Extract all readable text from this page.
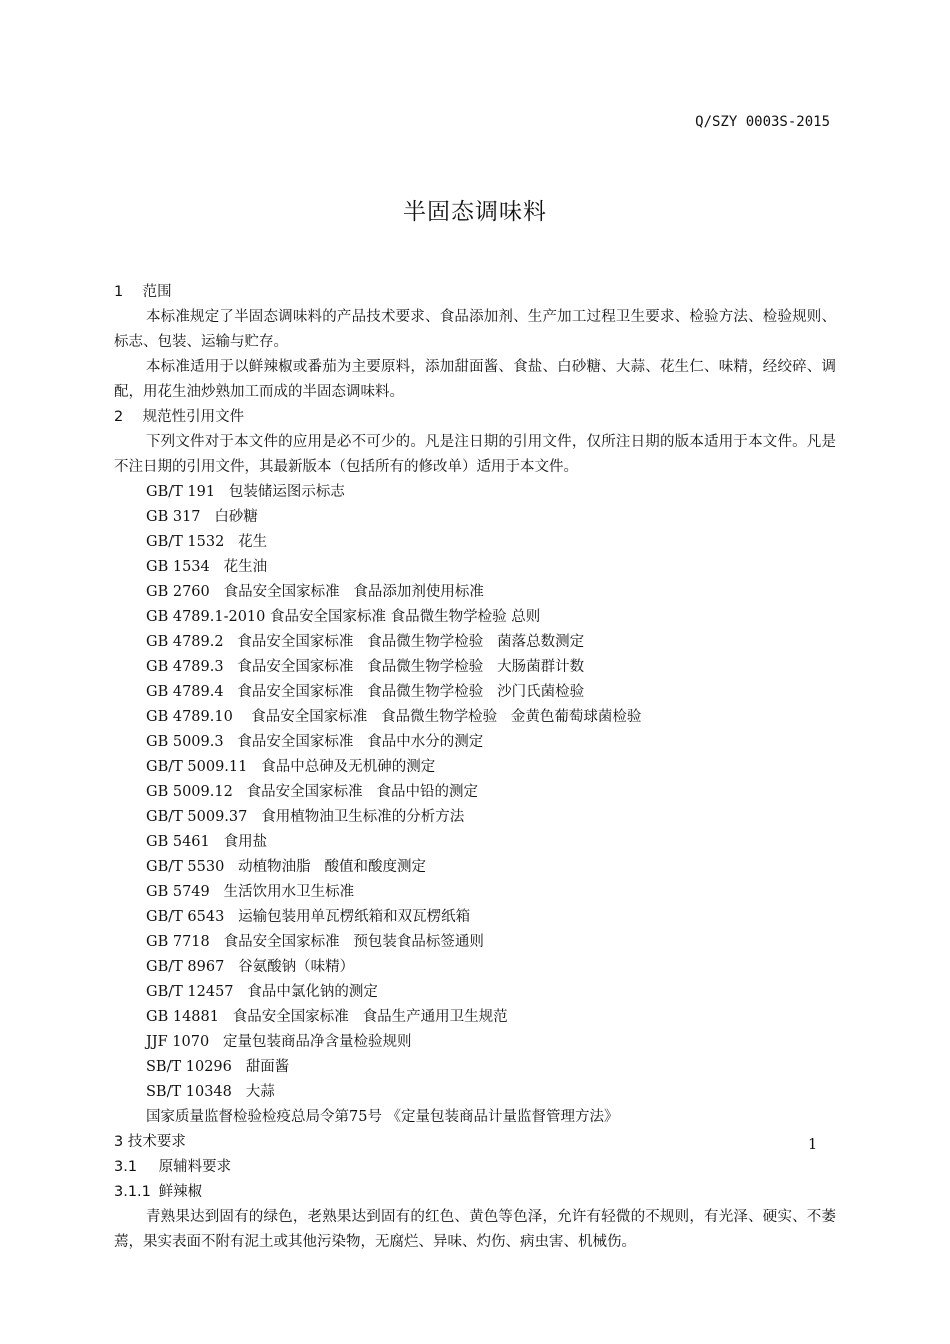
Q/SZY 0003S-2015
半固态调味料
1 范围
本标准规定了半固态调味料的产品技术要求、食品添加剂、生产加工过程卫生要求、检验方法、检验规则、标志、包装、运输与贮存。
本标准适用于以鲜辣椒或番茄为主要原料，添加甜面酱、食盐、白砂糖、大蒜、花生仁、味精，经绞碎、调配，用花生油炒熟加工而成的半固态调味料。
2 规范性引用文件
下列文件对于本文件的应用是必不可少的。凡是注日期的引用文件，仅所注日期的版本适用于本文件。凡是不注日期的引用文件，其最新版本（包括所有的修改单）适用于本文件。
GB/T 191   包装储运图示标志
GB 317   白砂糖
GB/T 1532   花生
GB 1534   花生油
GB 2760   食品安全国家标准   食品添加剂使用标准
GB 4789.1-2010 食品安全国家标准 食品微生物学检验 总则
GB 4789.2   食品安全国家标准   食品微生物学检验   菌落总数测定
GB 4789.3   食品安全国家标准   食品微生物学检验   大肠菌群计数
GB 4789.4   食品安全国家标准   食品微生物学检验   沙门氏菌检验
GB 4789.10    食品安全国家标准   食品微生物学检验   金黄色葡萄球菌检验
GB 5009.3   食品安全国家标准   食品中水分的测定
GB/T 5009.11   食品中总砷及无机砷的测定
GB 5009.12   食品安全国家标准   食品中铅的测定
GB/T 5009.37   食用植物油卫生标准的分析方法
GB 5461   食用盐
GB/T 5530   动植物油脂   酸值和酸度测定
GB 5749   生活饮用水卫生标准
GB/T 6543   运输包装用单瓦楞纸箱和双瓦楞纸箱
GB 7718   食品安全国家标准   预包装食品标签通则
GB/T 8967   谷氨酸钠（味精）
GB/T 12457   食品中氯化钠的测定
GB 14881   食品安全国家标准   食品生产通用卫生规范
JJF 1070   定量包装商品净含量检验规则
SB/T 10296   甜面酱
SB/T 10348   大蒜
国家质量监督检验检疫总局令第75号 《定量包装商品计量监督管理方法》
3 技术要求
3.1 原辅料要求
3.1.1 鲜辣椒
青熟果达到固有的绿色，老熟果达到固有的红色、黄色等色泽，允许有轻微的不规则，有光泽、硬实、不萎蔫，果实表面不附有泥土或其他污染物，无腐烂、异味、灼伤、病虫害、机械伤。
1
